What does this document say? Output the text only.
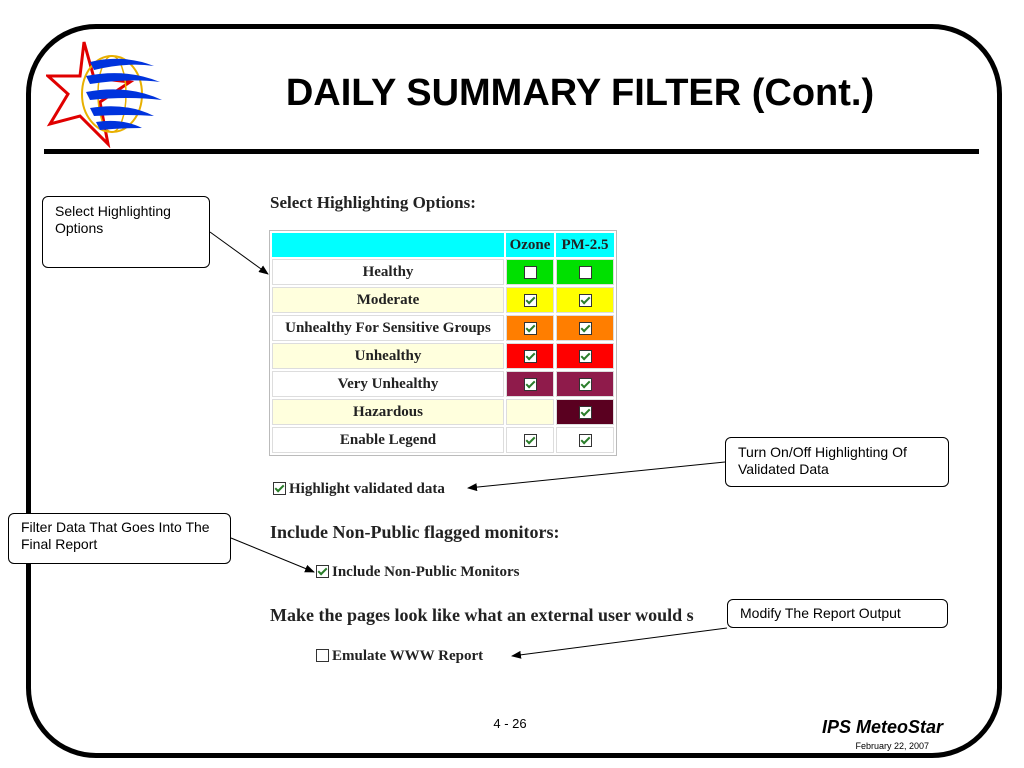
DAILY SUMMARY FILTER (Cont.)
Select Highlighting Options:
	Ozone	PM-2.5
Healthy		
Moderate		
Unhealthy For Sensitive Groups		
Unhealthy		
Very Unhealthy		
Hazardous		
Enable Legend		
Highlight validated data
Include Non-Public flagged monitors:
Include Non-Public Monitors
Make the pages look like what an external user would s
Emulate WWW Report
Select Highlighting Options
Turn On/Off Highlighting Of Validated Data
Filter Data That Goes Into The Final Report
Modify The Report Output
4 - 26	IPS MeteoStar
February 22, 2007
